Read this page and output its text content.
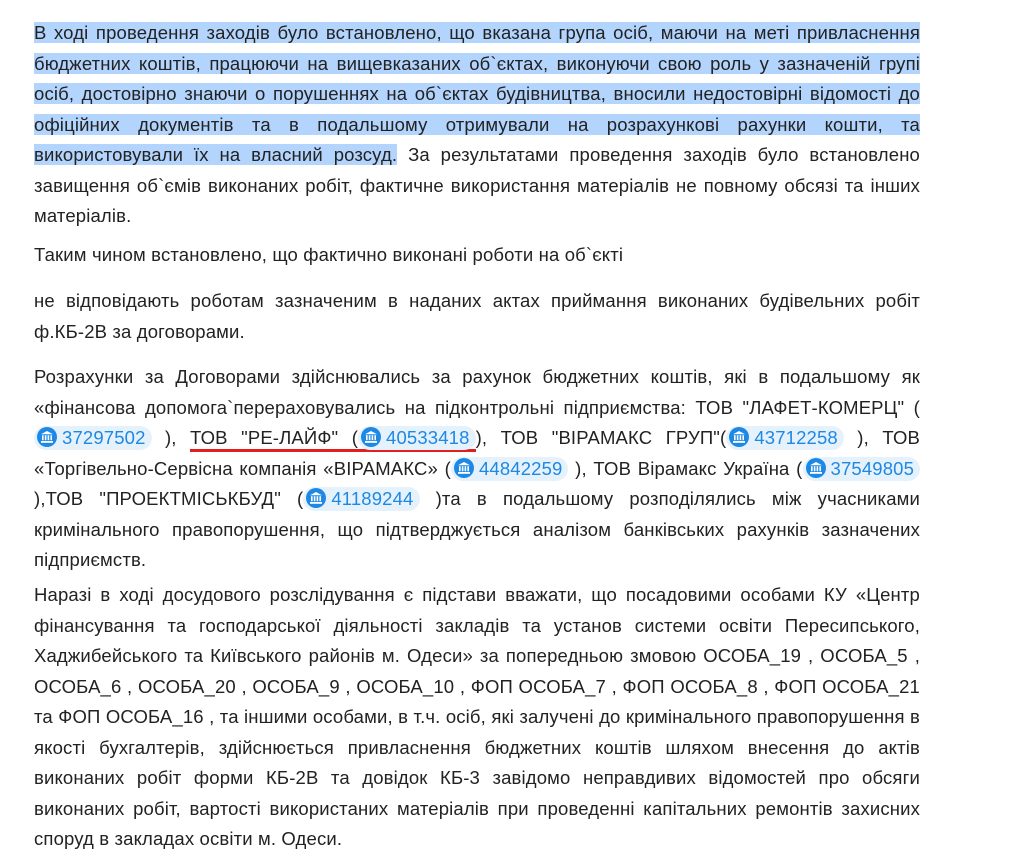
В ході проведення заходів було встановлено, що вказана група осіб, маючи на меті привласнення бюджетних коштів, працюючи на вищевказаних об`єктах, виконуючи свою роль у зазначеній групі осіб, достовірно знаючи о порушеннях на об`єктах будівництва, вносили недостовірні відомості до офіційних документів та в подальшому отримували на розрахункові рахунки кошти, та використовували їх на власний розсуд. За результатами проведення заходів було встановлено завищення об`ємів виконаних робіт, фактичне використання матеріалів не повному обсязі та інших матеріалів.

Таким чином встановлено, що фактично виконані роботи на об`єкті

не відповідають роботам зазначеним в наданих актах приймання виконаних будівельних робіт ф.КБ-2В за договорами.

Розрахунки за Договорами здійснювались за рахунок бюджетних коштів, які в подальшому як «фінансова допомога`перераховувались на підконтрольні підприємства: ТОВ "ЛАФЕТ-КОМЕРЦ" (
37297502 ), ТОВ "РЕ-ЛАЙФ" ( 40533418 ), ТОВ "ВІРАМАКС ГРУП"( 43712258 ), ТОВ «Торгівельно-Сервісна компанія «ВІРАМАКС» ( 44842259 ), ТОВ Вірамакс Україна ( 37549805 ),ТОВ "ПРОЕКТМІСЬКБУД" ( 41189244 )та в подальшому розподілялись між учасниками кримінального правопорушення, що підтверджується аналізом банківських рахунків зазначених підприємств.

Наразі в ході досудового розслідування є підстави вважати, що посадовими особами КУ «Центр фінансування та господарської діяльності закладів та установ системи освіти Пересипського, Хаджибейського та Київського районів м. Одеси» за попередньою змовою ОСОБА_19 , ОСОБА_5 , ОСОБА_6 , ОСОБА_20 , ОСОБА_9 , ОСОБА_10 , ФОП ОСОБА_7 , ФОП ОСОБА_8 , ФОП ОСОБА_21 та ФОП ОСОБА_16 , та іншими особами, в т.ч. осіб, які залучені до кримінального правопорушення в якості бухгалтерів, здійснюється привласнення бюджетних коштів шляхом внесення до актів виконаних робіт форми КБ-2В та довідок КБ-3 завідомо неправдивих відомостей про обсяги виконаних робіт, вартості використаних матеріалів при проведенні капітальних ремонтів захисних споруд в закладах освіти м. Одеси.
